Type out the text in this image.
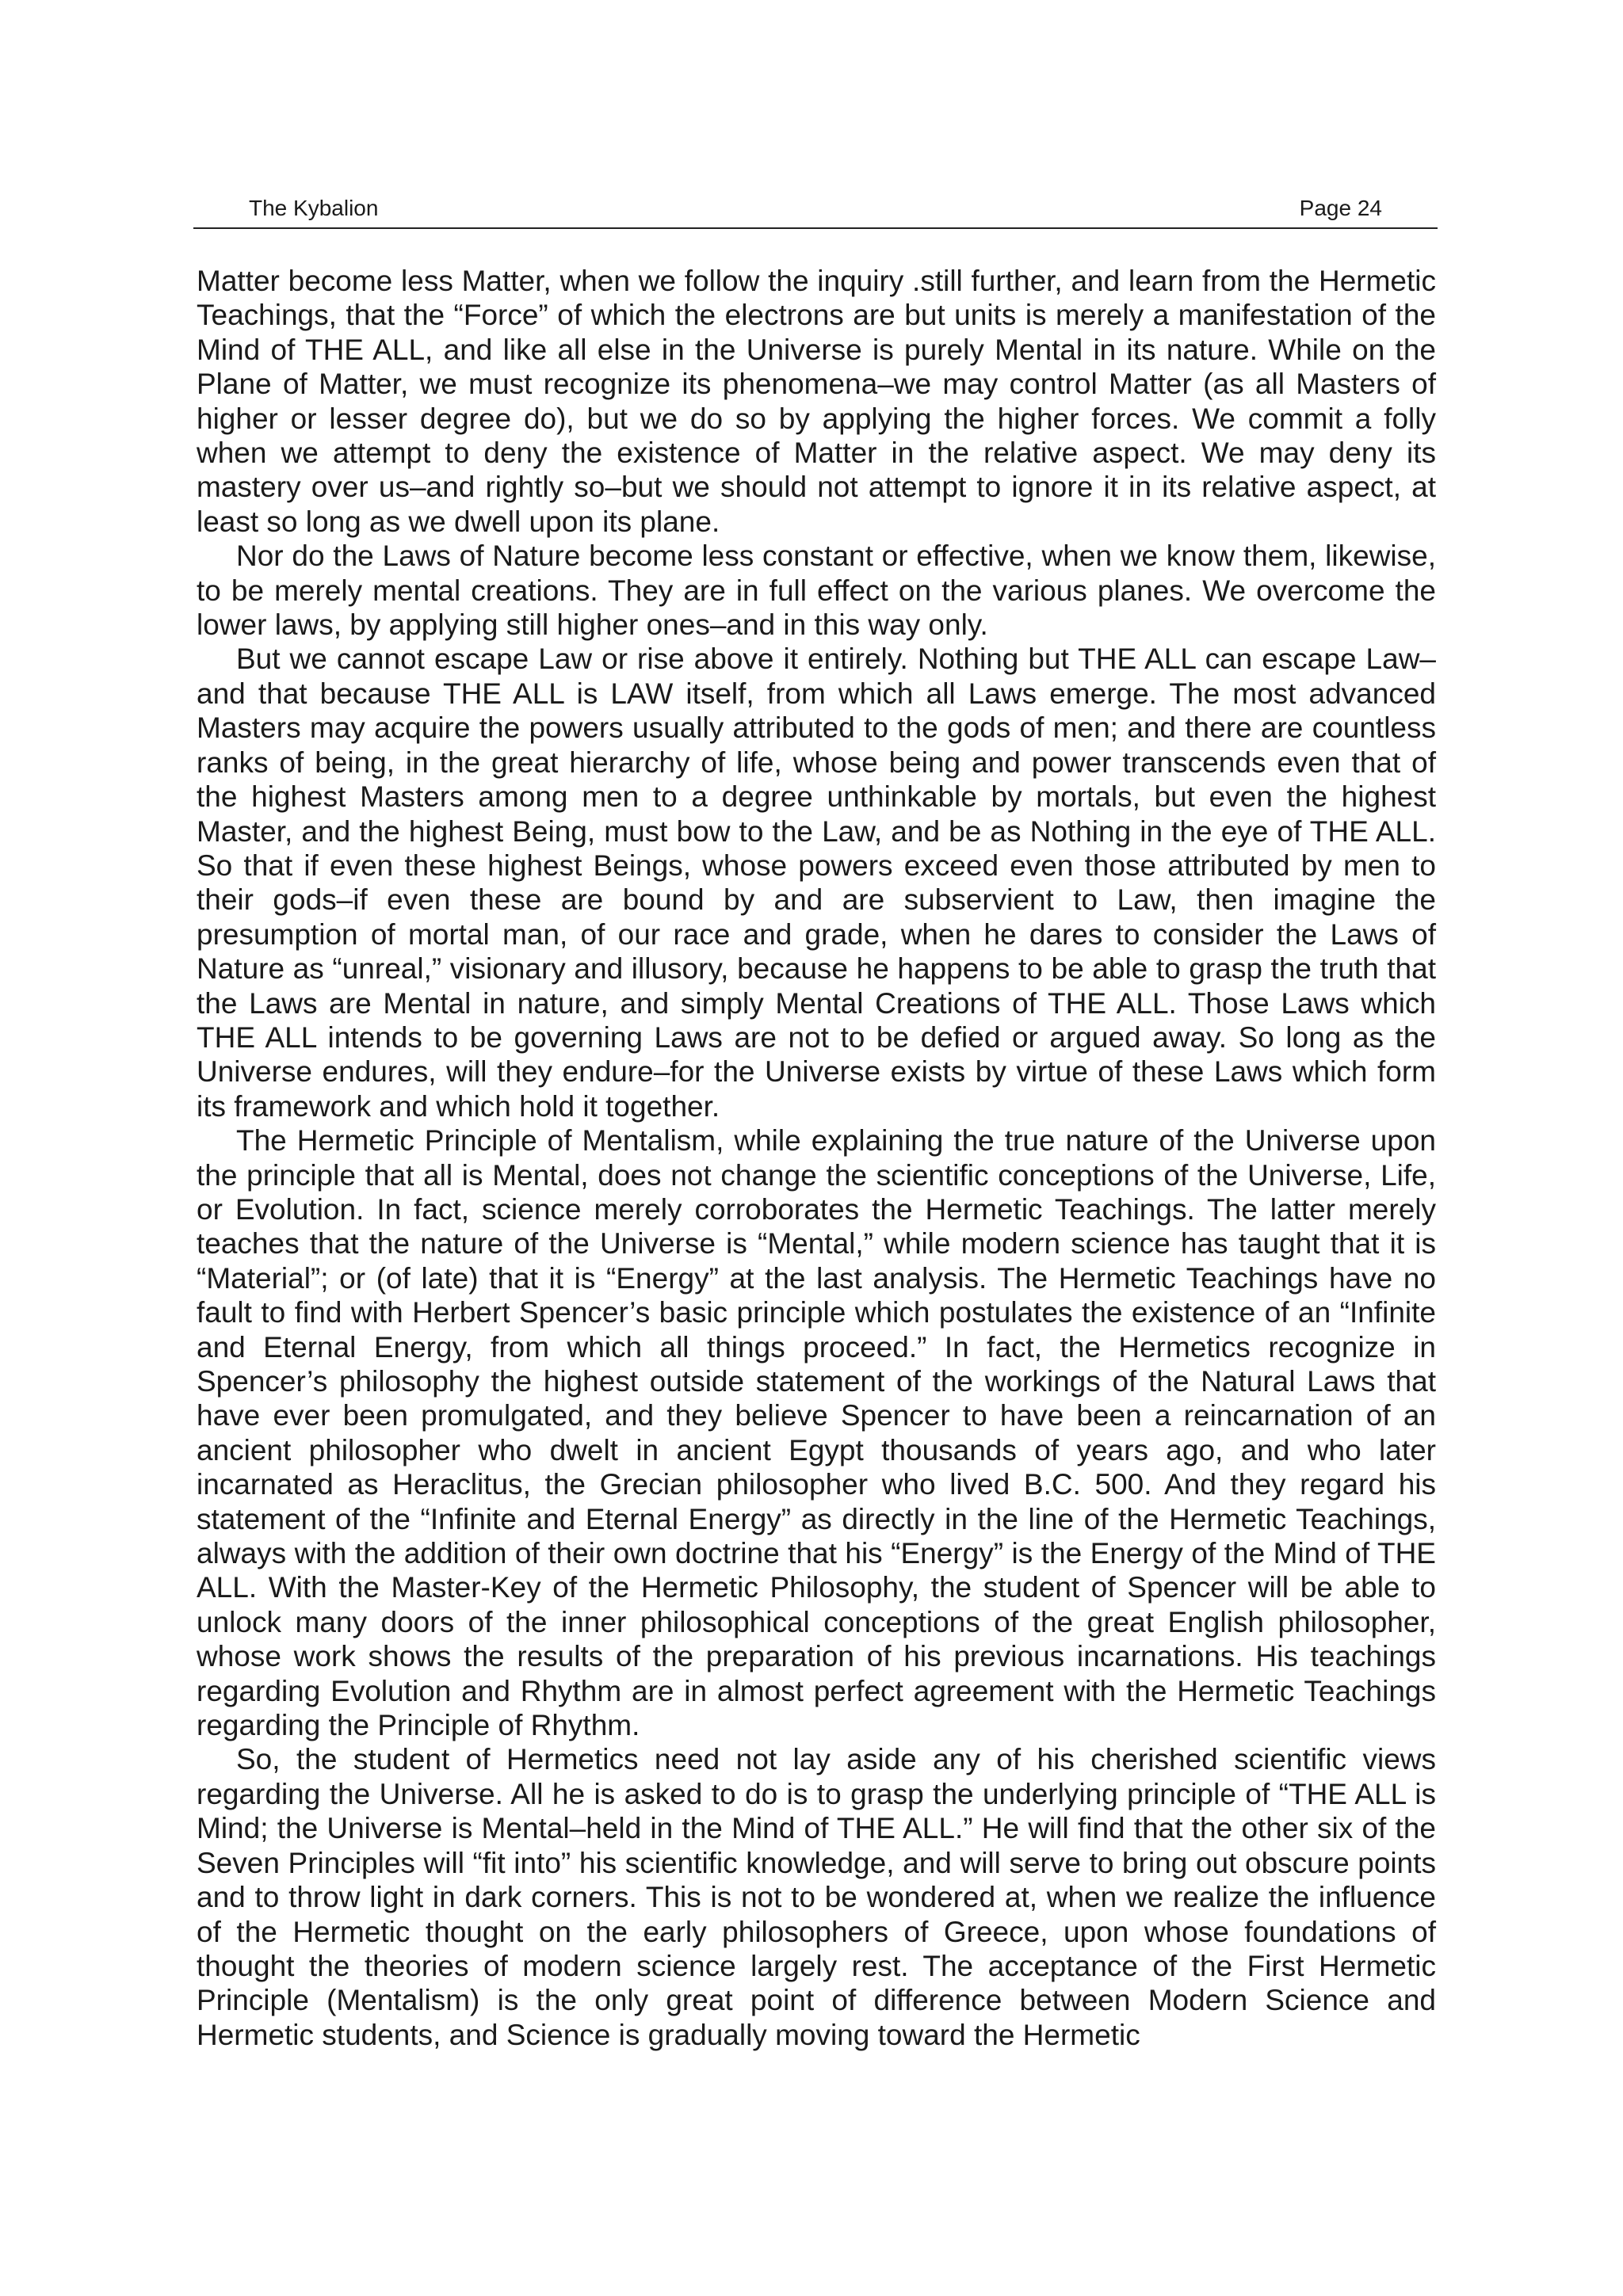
The Kybalion	Page 24

Matter become less Matter, when we follow the inquiry .still further, and learn from the Hermetic Teachings, that the “Force” of which the electrons are but units is merely a manifestation of the Mind of THE ALL, and like all else in the Universe is purely Mental in its nature. While on the Plane of Matter, we must recognize its phenomena–we may control Matter (as all Masters of higher or lesser degree do), but we do so by applying the higher forces. We commit a folly when we attempt to deny the existence of Matter in the relative aspect. We may deny its mastery over us–and rightly so–but we should not attempt to ignore it in its relative aspect, at least so long as we dwell upon its plane.

Nor do the Laws of Nature become less constant or effective, when we know them, likewise, to be merely mental creations. They are in full effect on the various planes. We overcome the lower laws, by applying still higher ones–and in this way only.

But we cannot escape Law or rise above it entirely. Nothing but THE ALL can escape Law–and that because THE ALL is LAW itself, from which all Laws emerge. The most advanced Masters may acquire the powers usually attributed to the gods of men; and there are countless ranks of being, in the great hierarchy of life, whose being and power transcends even that of the highest Masters among men to a degree unthinkable by mortals, but even the highest Master, and the highest Being, must bow to the Law, and be as Nothing in the eye of THE ALL. So that if even these highest Beings, whose powers exceed even those attributed by men to their gods–if even these are bound by and are subservient to Law, then imagine the presumption of mortal man, of our race and grade, when he dares to consider the Laws of Nature as “unreal,” visionary and illusory, because he happens to be able to grasp the truth that the Laws are Mental in nature, and simply Mental Creations of THE ALL. Those Laws which THE ALL intends to be governing Laws are not to be defied or argued away. So long as the Universe endures, will they endure–for the Universe exists by virtue of these Laws which form its framework and which hold it together.

The Hermetic Principle of Mentalism, while explaining the true nature of the Universe upon the principle that all is Mental, does not change the scientific conceptions of the Universe, Life, or Evolution. In fact, science merely corroborates the Hermetic Teachings. The latter merely teaches that the nature of the Universe is “Mental,” while modern science has taught that it is “Material”; or (of late) that it is “Energy” at the last analysis. The Hermetic Teachings have no fault to find with Herbert Spencer’s basic principle which postulates the existence of an “Infinite and Eternal Energy, from which all things proceed.” In fact, the Hermetics recognize in Spencer’s philosophy the highest outside statement of the workings of the Natural Laws that have ever been promulgated, and they believe Spencer to have been a reincarnation of an ancient philosopher who dwelt in ancient Egypt thousands of years ago, and who later incarnated as Heraclitus, the Grecian philosopher who lived B.C. 500. And they regard his statement of the “Infinite and Eternal Energy” as directly in the line of the Hermetic Teachings, always with the addition of their own doctrine that his “Energy” is the Energy of the Mind of THE ALL. With the Master-Key of the Hermetic Philosophy, the student of Spencer will be able to unlock many doors of the inner philosophical conceptions of the great English philosopher, whose work shows the results of the preparation of his previous incarnations. His teachings regarding Evolution and Rhythm are in almost perfect agreement with the Hermetic Teachings regarding the Principle of Rhythm.

So, the student of Hermetics need not lay aside any of his cherished scientific views regarding the Universe. All he is asked to do is to grasp the underlying principle of “THE ALL is Mind; the Universe is Mental–held in the Mind of THE ALL.” He will find that the other six of the Seven Principles will “fit into” his scientific knowledge, and will serve to bring out obscure points and to throw light in dark corners. This is not to be wondered at, when we realize the influence of the Hermetic thought on the early philosophers of Greece, upon whose foundations of thought the theories of modern science largely rest. The acceptance of the First Hermetic Principle (Mentalism) is the only great point of difference between Modern Science and Hermetic students, and Science is gradually moving toward the Hermetic
